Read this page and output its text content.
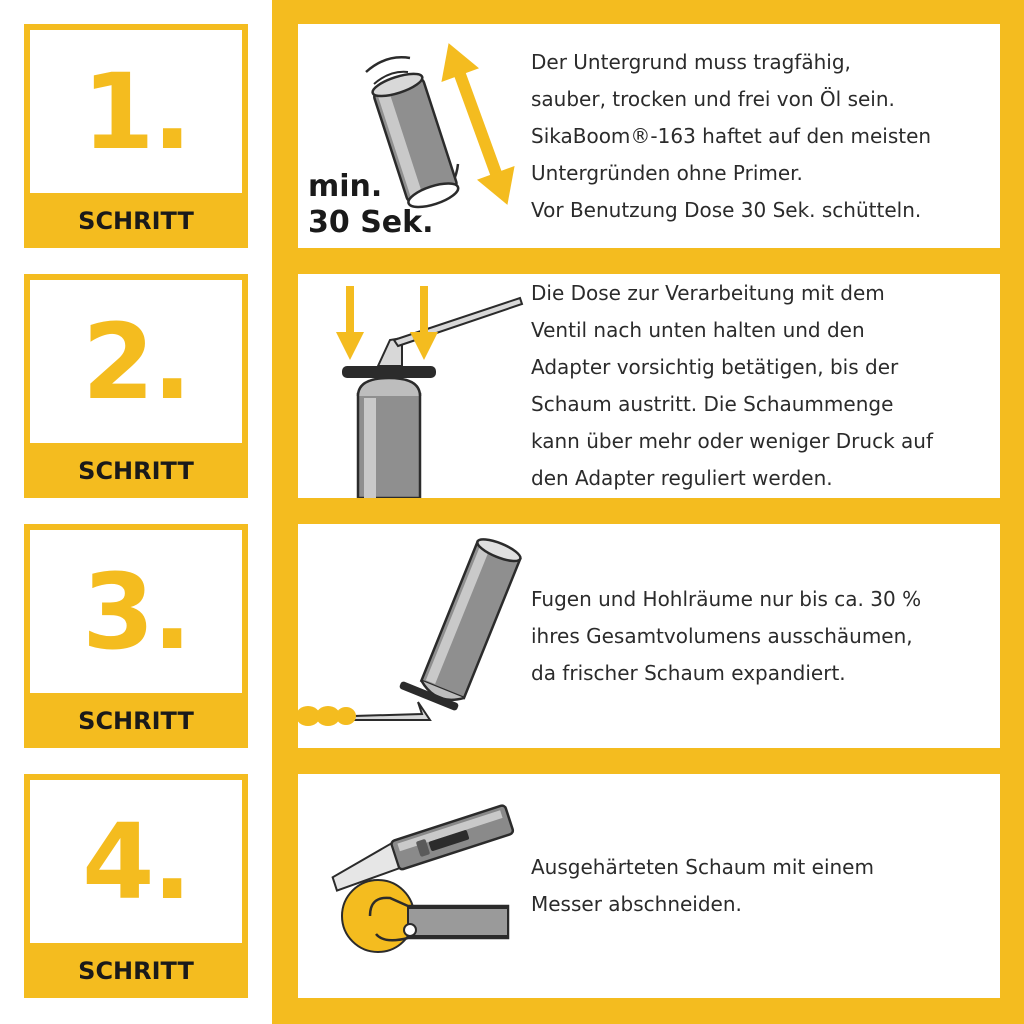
1.
SCHRITT
min.
30 Sek.

Der Untergrund muss tragfähig,
sauber, trocken und frei von Öl sein.
SikaBoom®-163 haftet auf den meisten
Untergründen ohne Primer.
Vor Benutzung Dose 30 Sek. schütteln.

2.
SCHRITT

Die Dose zur Verarbeitung mit dem
Ventil nach unten halten und den
Adapter vorsichtig betätigen, bis der
Schaum austritt. Die Schaummenge
kann über mehr oder weniger Druck auf
den Adapter reguliert werden.

3.
SCHRITT

Fugen und Hohlräume nur bis ca. 30 %
ihres Gesamtvolumens ausschäumen,
da frischer Schaum expandiert.

4.
SCHRITT

Ausgehärteten Schaum mit einem
Messer abschneiden.
